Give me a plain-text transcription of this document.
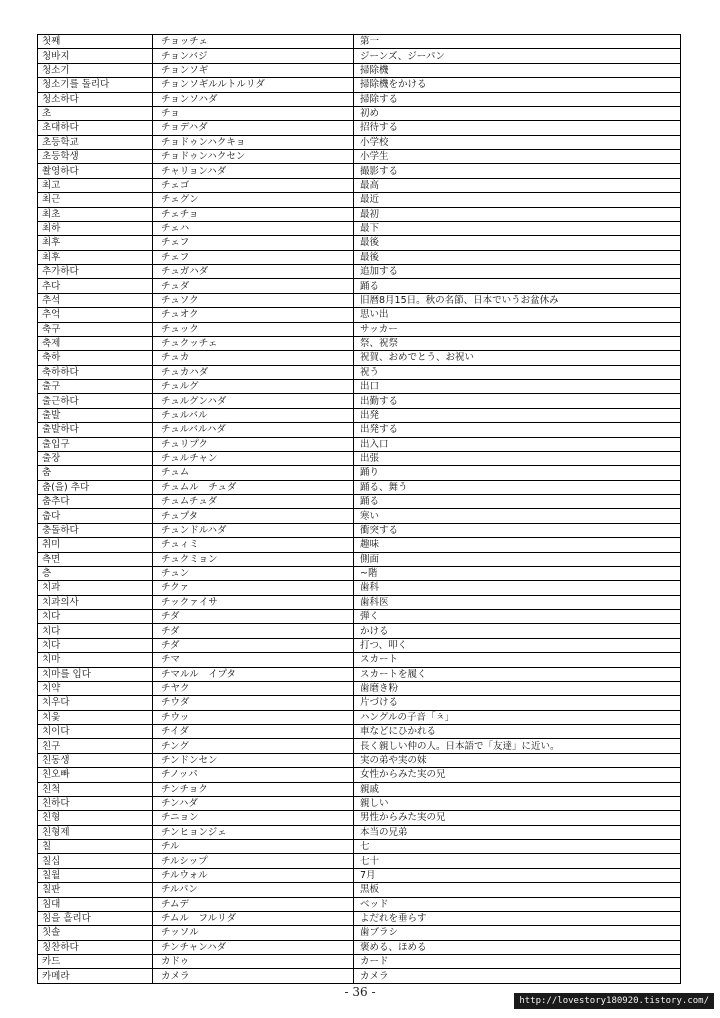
첫째	チョッチェ	第一
청바지	チョンバジ	ジーンズ、ジーパン
청소기	チョンソギ	掃除機
청소기를 돌리다	チョンソギルルトルリダ	掃除機をかける
청소하다	チョンソハダ	掃除する
초	チョ	初め
초대하다	チョデハダ	招待する
초등학교	チョドゥンハクキョ	小学校
초등학생	チョドゥンハクセン	小学生
촬영하다	チャリョンハダ	撮影する
최고	チェゴ	最高
최근	チェグン	最近
최초	チェチョ	最初
최하	チェハ	最下
최후	チェフ	最後
최후	チェフ	最後
추가하다	チュガハダ	追加する
추다	チュダ	踊る
추석	チュソク	旧暦8月15日。秋の名節、日本でいうお盆休み
추억	チュオク	思い出
축구	チュック	サッカー
축제	チュクッチェ	祭、祝祭
축하	チュカ	祝賀、おめでとう、お祝い
축하하다	チュカハダ	祝う
출구	チュルグ	出口
출근하다	チュルグンハダ	出勤する
출발	チュルバル	出発
출발하다	チュルバルハダ	出発する
출입구	チュリプク	出入口
출장	チュルチャン	出張
춤	チュム	踊り
춤(을) 추다	チュムル　チュダ	踊る、舞う
춤추다	チュムチュダ	踊る
춥다	チュプタ	寒い
충돌하다	チュンドルハダ	衝突する
취미	チュィミ	趣味
측면	チュクミョン	側面
층	チュン	~階
치과	チクァ	歯科
치과의사	チックァイサ	歯科医
치다	チダ	弾く
치다	チダ	かける
치다	チダ	打つ、叩く
치마	チマ	スカート
치마를 입다	チマルル　イプタ	スカートを履く
치약	チヤク	歯磨き粉
치우다	チウダ	片づける
치읓	チウッ	ハングルの子音「ㅊ」
치이다	チイダ	車などにひかれる
친구	チング	長く親しい仲の人。日本語で「友達」に近い。
친동생	チンドンセン	実の弟や実の妹
친오빠	チノッパ	女性からみた実の兄
친척	チンチョク	親戚
친하다	チンハダ	親しい
친형	チニョン	男性からみた実の兄
친형제	チンヒョンジェ	本当の兄弟
칠	チル	七
칠십	チルシップ	七十
칠월	チルウォル	7月
칠판	チルパン	黒板
침대	チムデ	ベッド
침을 흘리다	チムル　フルリダ	よだれを垂らす
칫솔	チッソル	歯ブラシ
칭찬하다	チンチャンハダ	褒める、ほめる
카드	カドゥ	カード
카메라	カメラ	カメラ
- 36 -
http://lovestory180920.tistory.com/
